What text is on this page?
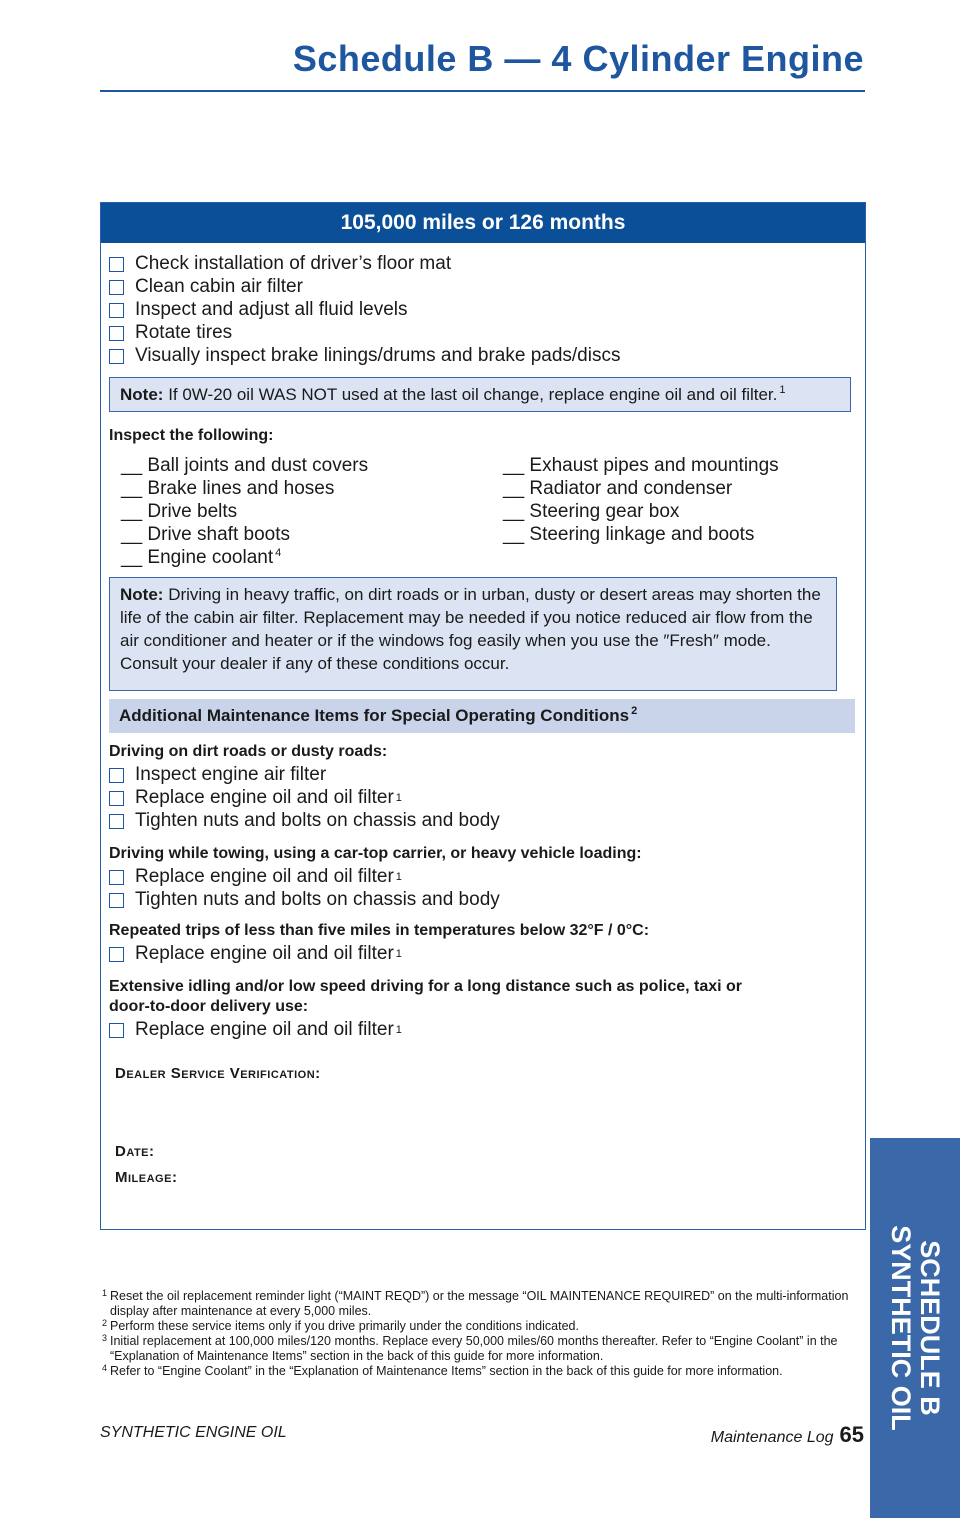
Schedule B — 4 Cylinder Engine
105,000 miles or 126 months
Check installation of driver’s floor mat
Clean cabin air filter
Inspect and adjust all fluid levels
Rotate tires
Visually inspect brake linings/drums and brake pads/discs
Note: If 0W-20 oil WAS NOT used at the last oil change, replace engine oil and oil filter. $^1$
Inspect the following:
__ Ball joints and dust covers
__ Brake lines and hoses
__ Drive belts
__ Drive shaft boots
__ Engine coolant $^4$
__ Exhaust pipes and mountings
__ Radiator and condenser
__ Steering gear box
__ Steering linkage and boots
Note: Driving in heavy traffic, on dirt roads or in urban, dusty or desert areas may shorten the life of the cabin air filter. Replacement may be needed if you notice reduced air flow from the air conditioner and heater or if the windows fog easily when you use the ″Fresh″ mode. Consult your dealer if any of these conditions occur.
Additional Maintenance Items for Special Operating Conditions $^2$
Driving on dirt roads or dusty roads:
Inspect engine air filter
Replace engine oil and oil filter 1
Tighten nuts and bolts on chassis and body
Driving while towing, using a car-top carrier, or heavy vehicle loading:
Replace engine oil and oil filter 1
Tighten nuts and bolts on chassis and body
Repeated trips of less than five miles in temperatures below 32°F / 0°C:
Replace engine oil and oil filter 1
Extensive idling and/or low speed driving for a long distance such as police, taxi or
door-to-door delivery use:
Replace engine oil and oil filter 1
Dealer Service Verification:
Date:
Mileage:
1 Reset the oil replacement reminder light (“MAINT REQD”) or the message “OIL MAINTENANCE REQUIRED” on the multi-information display after maintenance at every 5,000 miles.
2 Perform these service items only if you drive primarily under the conditions indicated.
3 Initial replacement at 100,000 miles/120 months. Replace every 50,000 miles/60 months thereafter. Refer to “Engine Coolant” in the “Explanation of Maintenance Items” section in the back of this guide for more information.
4 Refer to “Engine Coolant” in the “Explanation of Maintenance Items” section in the back of this guide for more information.
SYNTHETIC ENGINE OIL	Maintenance Log 65
SCHEDULE B
SYNTHETIC OIL
